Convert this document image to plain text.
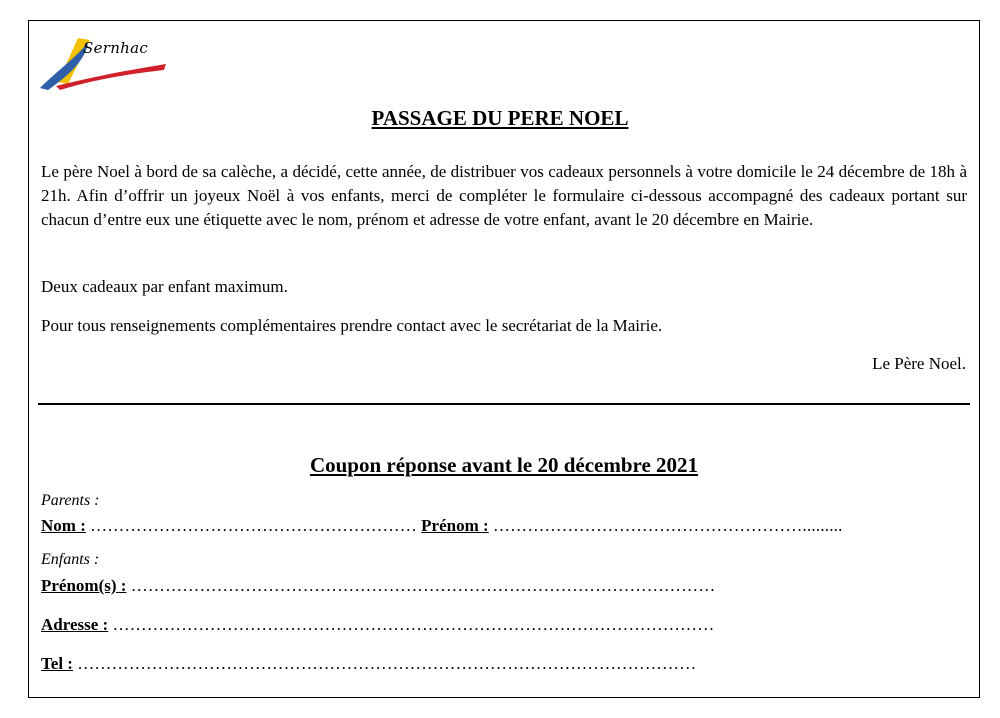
Sernhac
PASSAGE DU PERE NOEL

Le père Noel à bord de sa calèche, a décidé, cette année, de distribuer vos cadeaux personnels à votre domicile le 24 décembre de 18h à 21h. Afin d’offrir un joyeux Noël à vos enfants, merci de compléter le formulaire ci-dessous accompagné des cadeaux portant sur chacun d’entre eux une étiquette avec le nom, prénom et adresse de votre enfant, avant le 20 décembre en Mairie.

Deux cadeaux par enfant maximum.

Pour tous renseignements complémentaires prendre contact avec le secrétariat de la Mairie.

Le Père Noel.
Coupon réponse avant le 20 décembre 2021
Parents :
Nom : ………………………………………………… Prénom : ……………………………………………….........
Enfants :
Prénom(s) : …………………………………………………………………………………………
Adresse : ……………………………………………………………………………………………
Tel : ………………………………………………………………………………………………
